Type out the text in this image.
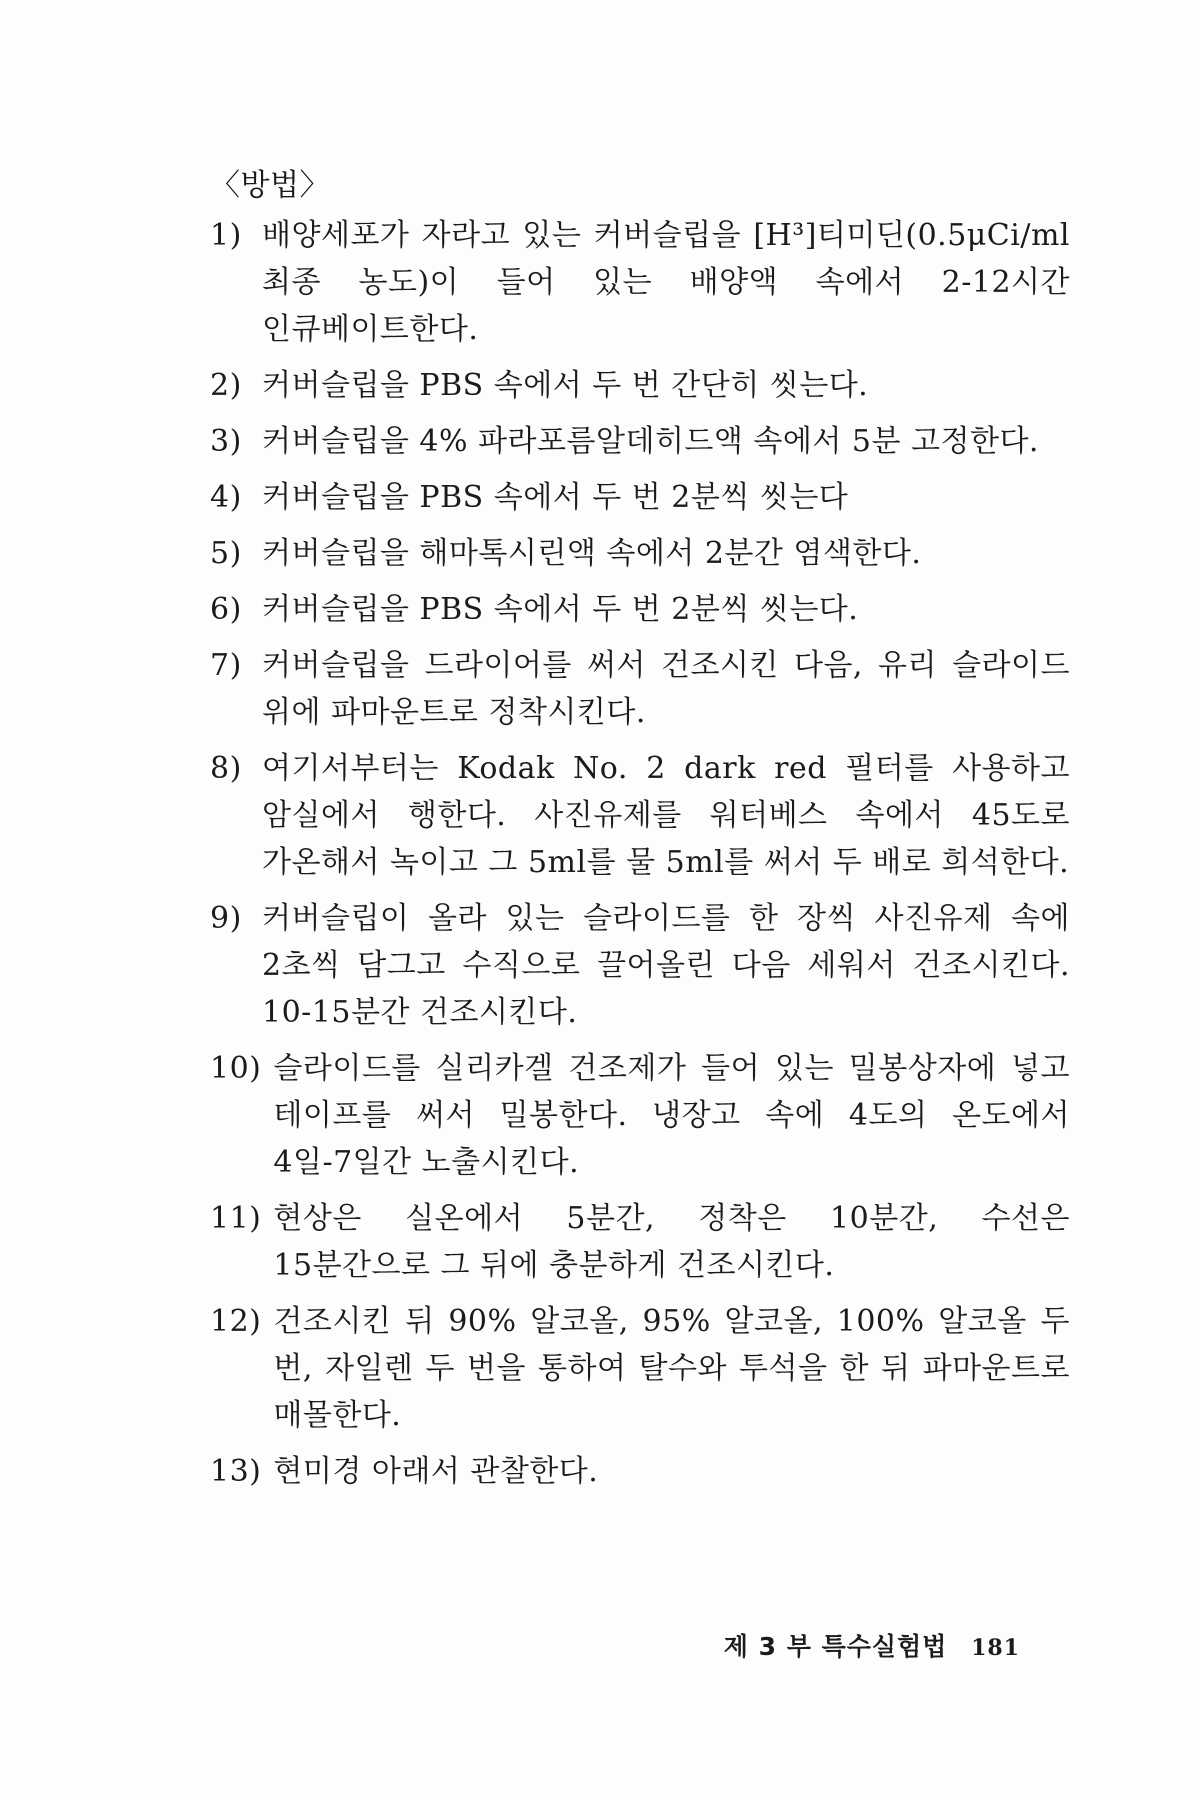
〈방법〉
1) 배양세포가 자라고 있는 커버슬립을 [H³]티미딘(0.5μCi/ml 최종 농도)이 들어 있는 배양액 속에서 2-12시간 인큐베이트한다.
2) 커버슬립을 PBS 속에서 두 번 간단히 씻는다.
3) 커버슬립을 4% 파라포름알데히드액 속에서 5분 고정한다.
4) 커버슬립을 PBS 속에서 두 번 2분씩 씻는다
5) 커버슬립을 해마톡시린액 속에서 2분간 염색한다.
6) 커버슬립을 PBS 속에서 두 번 2분씩 씻는다.
7) 커버슬립을 드라이어를 써서 건조시킨 다음, 유리 슬라이드 위에 파마운트로 정착시킨다.
8) 여기서부터는 Kodak No. 2 dark red 필터를 사용하고 암실에서 행한다. 사진유제를 워터베스 속에서 45도로 가온해서 녹이고 그 5ml를 물 5ml를 써서 두 배로 희석한다.
9) 커버슬립이 올라 있는 슬라이드를 한 장씩 사진유제 속에 2초씩 담그고 수직으로 끌어올린 다음 세워서 건조시킨다. 10-15분간 건조시킨다.
10) 슬라이드를 실리카겔 건조제가 들어 있는 밀봉상자에 넣고 테이프를 써서 밀봉한다. 냉장고 속에 4도의 온도에서 4일-7일간 노출시킨다.
11) 현상은 실온에서 5분간, 정착은 10분간, 수선은 15분간으로 그 뒤에 충분하게 건조시킨다.
12) 건조시킨 뒤 90% 알코올, 95% 알코올, 100% 알코올 두 번, 자일렌 두 번을 통하여 탈수와 투석을 한 뒤 파마운트로 매몰한다.
13) 현미경 아래서 관찰한다.
제 3 부 특수실험법 181
